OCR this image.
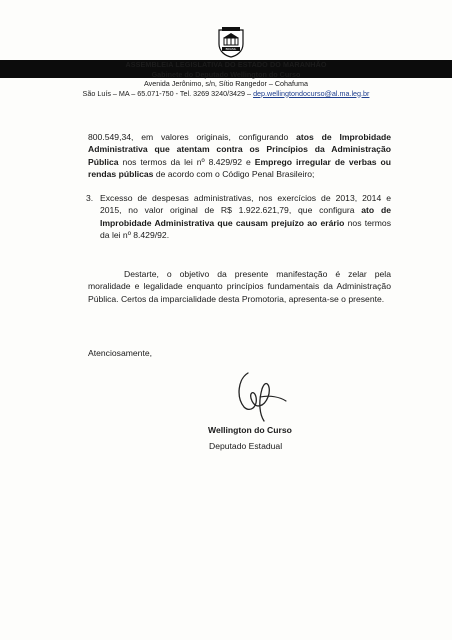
BRASIL
ASSEMBLEIA LEGISLATIVA DO ESTADO DO MARANHÃO
Gabinete do Deputado Wellington do Curso
Avenida Jerônimo, s/n, Sítio Rangedor – Cohafuma
São Luís – MA – 65.071-750 - Tel. 3269 3240/3429 – dep.wellingtondocurso@al.ma.leg.br
800.549,34, em valores originais, configurando atos de Improbidade Administrativa que atentam contra os Princípios da Administração Pública nos termos da lei nº 8.429/92 e Emprego irregular de verbas ou rendas públicas de acordo com o Código Penal Brasileiro;
3. Excesso de despesas administrativas, nos exercícios de 2013, 2014 e 2015, no valor original de R$ 1.922.621,79, que configura ato de Improbidade Administrativa que causam prejuízo ao erário nos termos da lei nº 8.429/92.
Destarte, o objetivo da presente manifestação é zelar pela moralidade e legalidade enquanto princípios fundamentais da Administração Pública. Certos da imparcialidade desta Promotoria, apresenta-se o presente.
Atenciosamente,
Wellington do Curso
Deputado Estadual
